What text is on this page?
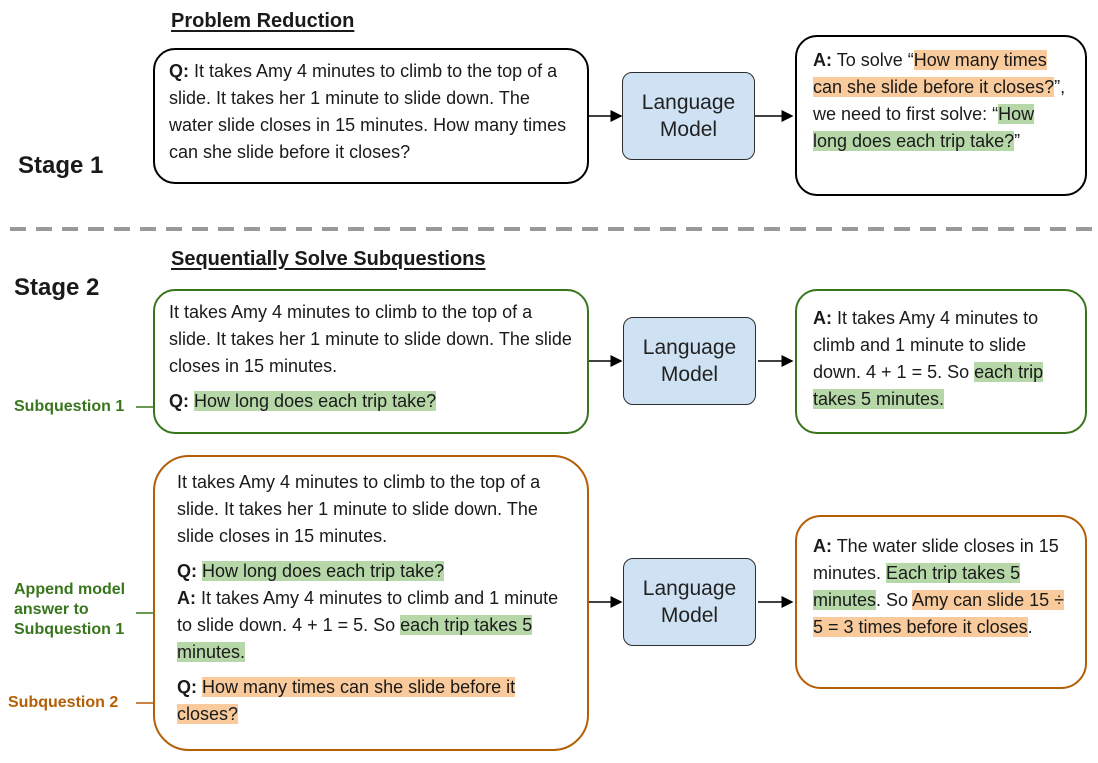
Problem Reduction
Stage 1

Q: It takes Amy 4 minutes to climb to the top of a slide. It takes her 1 minute to slide down. The water slide closes in 15 minutes. How many times can she slide before it closes?

Language Model

A: To solve “How many times can she slide before it closes?”, we need to first solve: “How long does each trip take?”

Sequentially Solve Subquestions
Stage 2
Subquestion 1

It takes Amy 4 minutes to climb to the top of a slide. It takes her 1 minute to slide down. The slide closes in 15 minutes.

Q: How long does each trip take?

Language Model

A: It takes Amy 4 minutes to climb and 1 minute to slide down. 4 + 1 = 5. So each trip takes 5 minutes.

Append model answer to Subquestion 1
Subquestion 2

It takes Amy 4 minutes to climb to the top of a slide. It takes her 1 minute to slide down. The slide closes in 15 minutes.

Q: How long does each trip take?
A: It takes Amy 4 minutes to climb and 1 minute to slide down. 4 + 1 = 5. So each trip takes 5 minutes.

Q: How many times can she slide before it closes?

Language Model

A: The water slide closes in 15 minutes. Each trip takes 5 minutes. So Amy can slide 15 ÷ 5 = 3 times before it closes.
